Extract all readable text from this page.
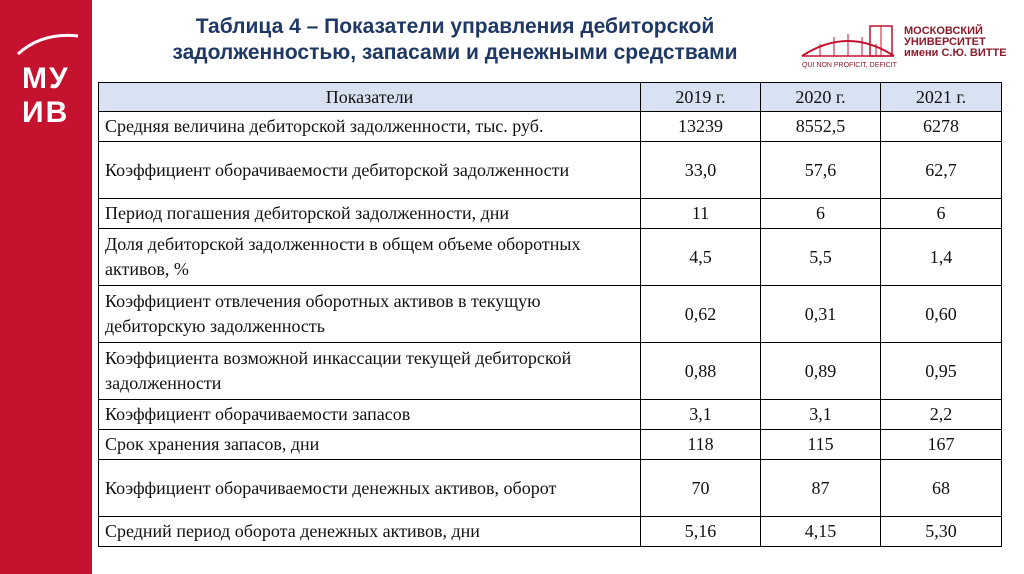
МУ
ИВ
Таблица 4 – Показатели управления дебиторской
задолженностью, запасами и денежными средствами
QUI NON PROFICIT, DEFICIT
МОСКОВСКИЙ
УНИВЕРСИТЕТ
имени С.Ю. ВИТТЕ
Показатели	2019 г.	2020 г.	2021 г.
Средняя величина дебиторской задолженности, тыс. руб.	13239	8552,5	6278
Коэффициент оборачиваемости дебиторской задолженности	33,0	57,6	62,7
Период погашения дебиторской задолженности, дни	11	6	6
Доля дебиторской задолженности в общем объеме оборотных активов, %	4,5	5,5	1,4
Коэффициент отвлечения оборотных активов в текущую дебиторскую задолженность	0,62	0,31	0,60
Коэффициента возможной инкассации текущей дебиторской задолженности	0,88	0,89	0,95
Коэффициент оборачиваемости запасов	3,1	3,1	2,2
Срок хранения запасов, дни	118	115	167
Коэффициент оборачиваемости денежных активов, оборот	70	87	68
Средний период оборота денежных активов, дни	5,16	4,15	5,30
